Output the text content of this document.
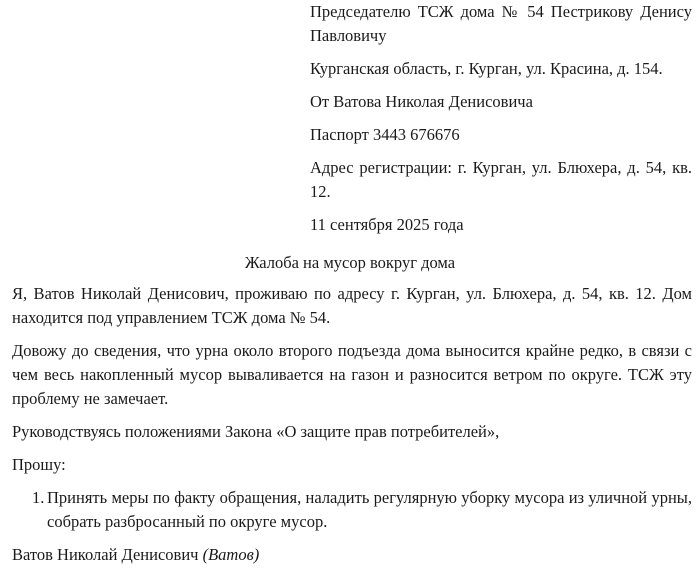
Председателю ТСЖ дома № 54 Пестрикову Денису Павловичу

Курганская область, г. Курган, ул. Красина, д. 154.

От Ватова Николая Денисовича

Паспорт 3443 676676

Адрес регистрации: г. Курган, ул. Блюхера, д. 54, кв. 12.

11 сентября 2025 года

Жалоба на мусор вокруг дома

Я, Ватов Николай Денисович, проживаю по адресу г. Курган, ул. Блюхера, д. 54, кв. 12. Дом находится под управлением ТСЖ дома № 54.

Довожу до сведения, что урна около второго подъезда дома выносится крайне редко, в связи с чем весь накопленный мусор вываливается на газон и разносится ветром по округе. ТСЖ эту проблему не замечает.

Руководствуясь положениями Закона «О защите прав потребителей»,

Прошу:

1. Принять меры по факту обращения, наладить регулярную уборку мусора из уличной урны, собрать разбросанный по округе мусор.

Ватов Николай Денисович (Ватов)
